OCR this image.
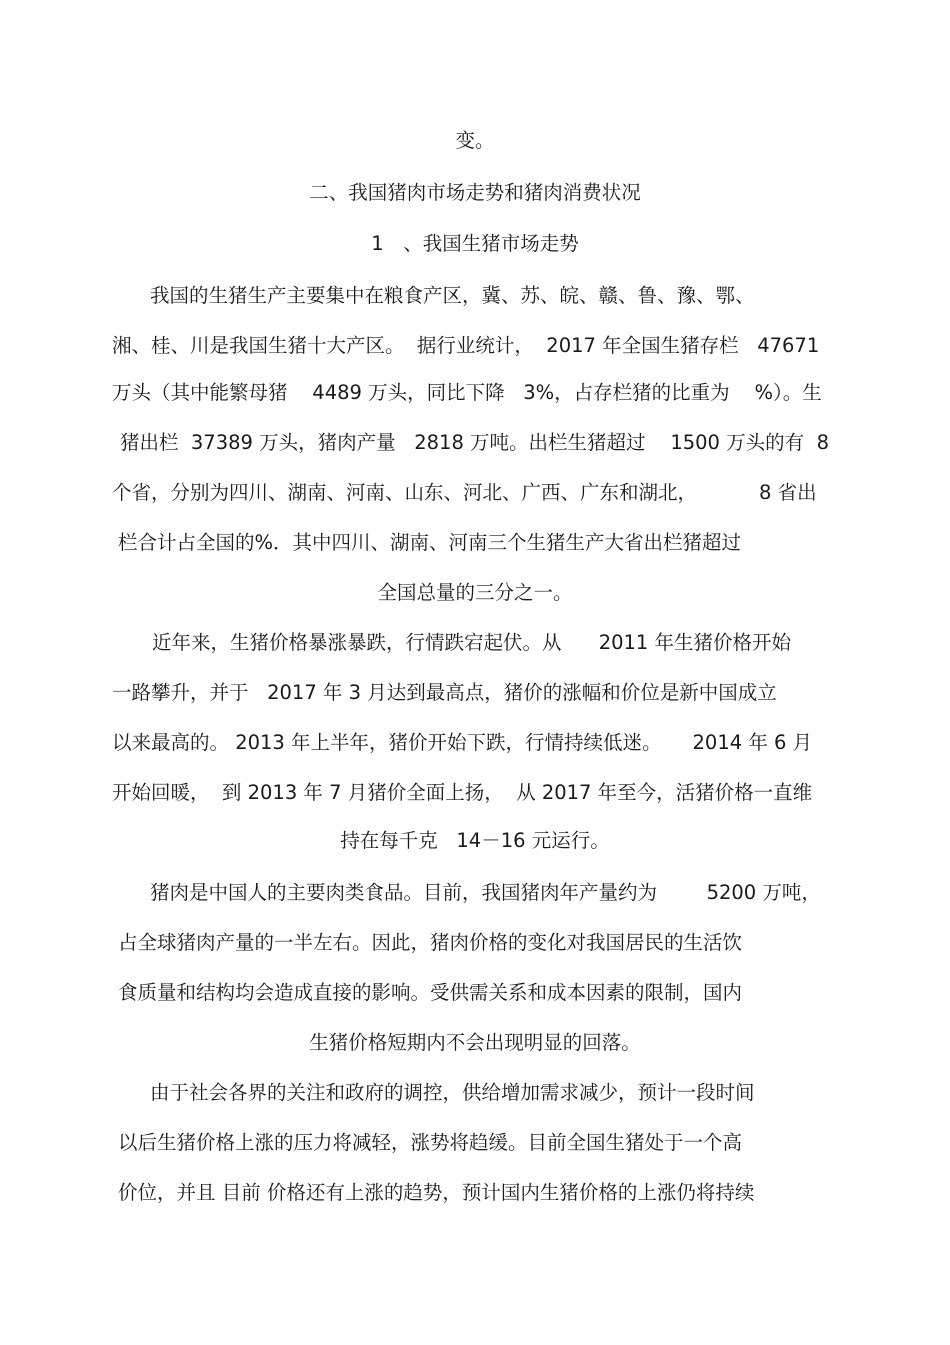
变。

二、我国猪肉市场走势和猪肉消费状况

1　、我国生猪市场走势

我国的生猪生产主要集中在粮食产区，冀、苏、皖、赣、鲁、豫、鄂、

湘、桂、川是我国生猪十大产区。  据行业统计，  2017 年全国生猪存栏   47671

万头（其中能繁母猪    4489 万头，同比下降   3%，占存栏猪的比重为    %）。生

猪出栏  37389 万头，猪肉产量   2818 万吨。出栏生猪超过    1500 万头的有  8

个省，分别为四川、湖南、河南、山东、河北、广西、广东和湖北，          8 省出

栏合计占全国的%．其中四川、湖南、河南三个生猪生产大省出栏猪超过

全国总量的三分之一。

近年来，生猪价格暴涨暴跌，行情跌宕起伏。从      2011 年生猪价格开始

一路攀升，并于   2017 年 3 月达到最高点，猪价的涨幅和价位是新中国成立

以来最高的。 2013 年上半年，猪价开始下跌，行情持续低迷。     2014 年 6 月

开始回暖，  到 2013 年 7 月猪价全面上扬，  从 2017 年至今，活猪价格一直维

持在每千克   14－16 元运行。

猪肉是中国人的主要肉类食品。目前，我国猪肉年产量约为        5200 万吨，

占全球猪肉产量的一半左右。因此，猪肉价格的变化对我国居民的生活饮

食质量和结构均会造成直接的影响。受供需关系和成本因素的限制，国内

生猪价格短期内不会出现明显的回落。

由于社会各界的关注和政府的调控，供给增加需求减少，预计一段时间

以后生猪价格上涨的压力将减轻，涨势将趋缓。目前全国生猪处于一个高

价位，并且 目前 价格还有上涨的趋势，预计国内生猪价格的上涨仍将持续
